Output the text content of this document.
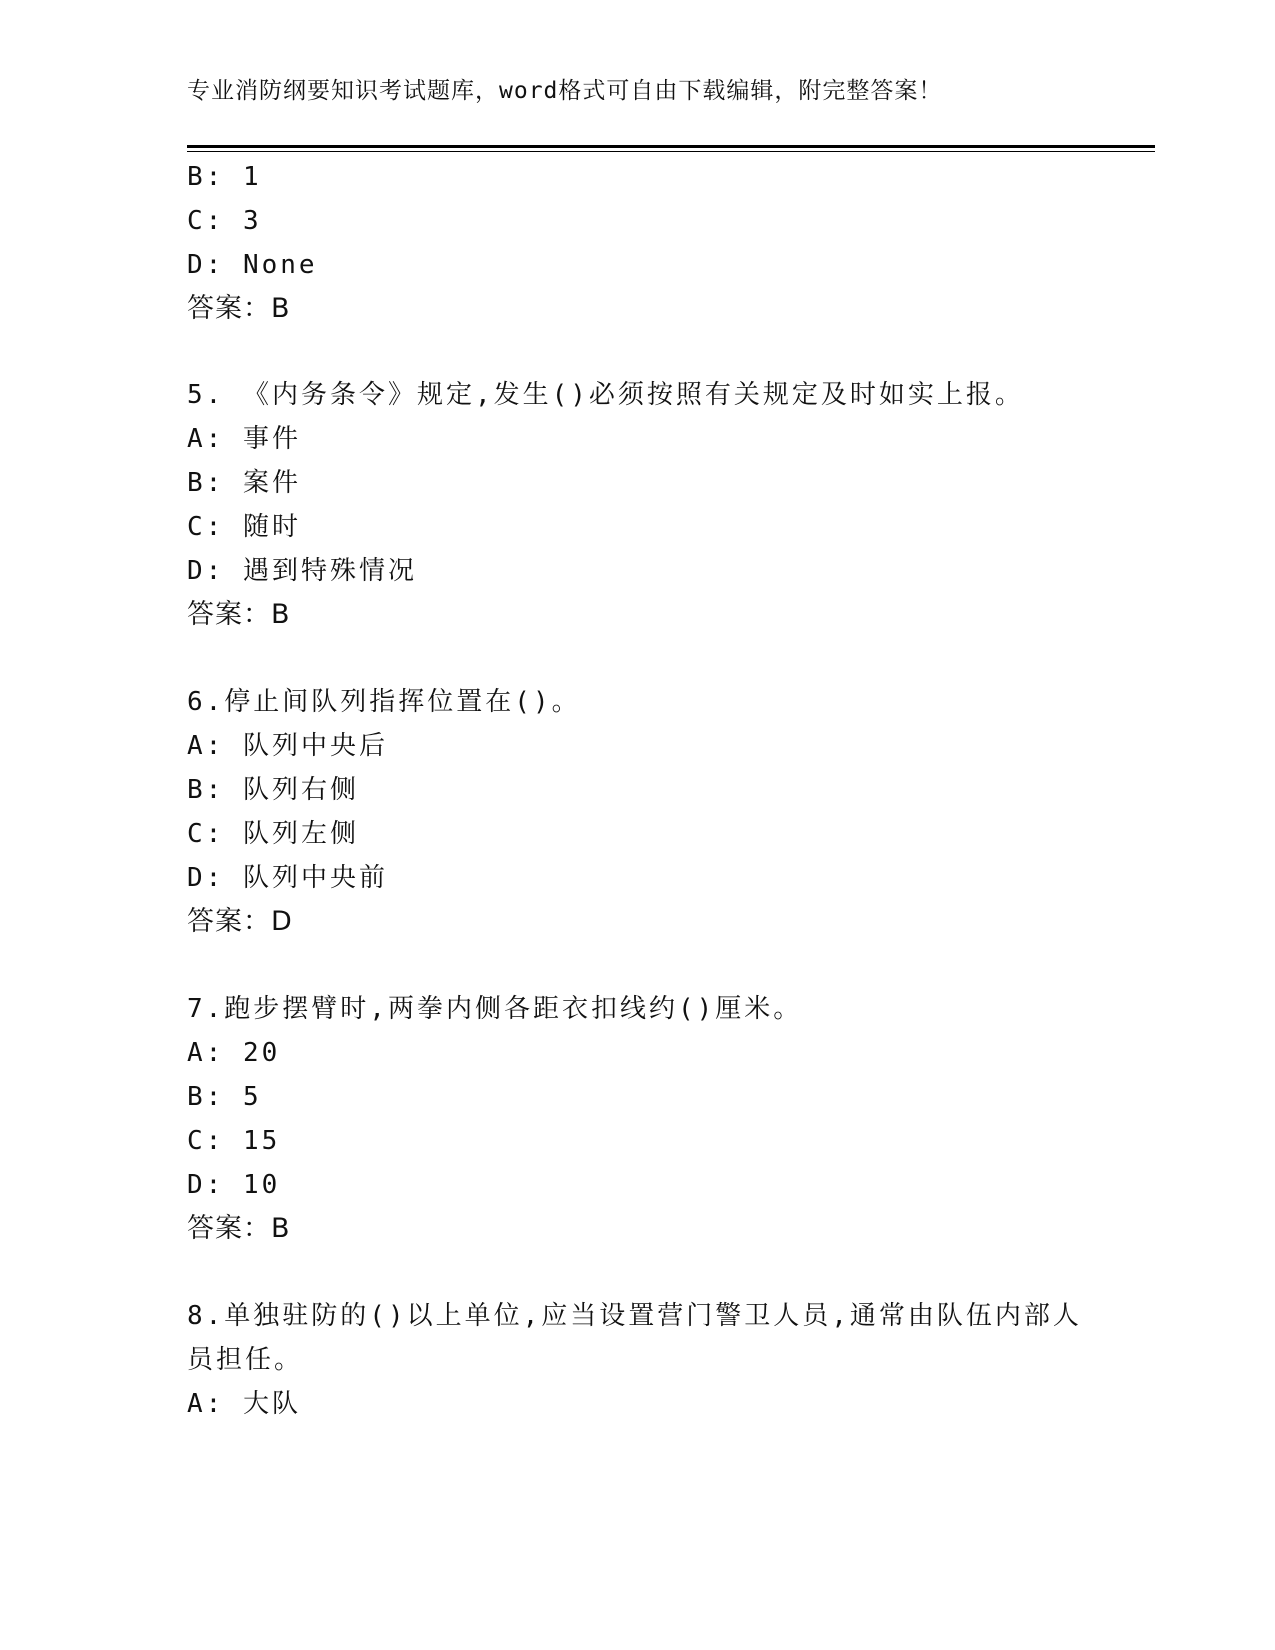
专业消防纲要知识考试题库，word格式可自由下载编辑，附完整答案！
B: 1
C: 3
D: None
答案：B
5. 《内务条令》规定,发生()必须按照有关规定及时如实上报。
A: 事件
B: 案件
C: 随时
D: 遇到特殊情况
答案：B
6.停止间队列指挥位置在()。
A: 队列中央后
B: 队列右侧
C: 队列左侧
D: 队列中央前
答案：D
7.跑步摆臂时,两拳内侧各距衣扣线约()厘米。
A: 20
B: 5
C: 15
D: 10
答案：B
8.单独驻防的()以上单位,应当设置营门警卫人员,通常由队伍内部人
员担任。
A: 大队
